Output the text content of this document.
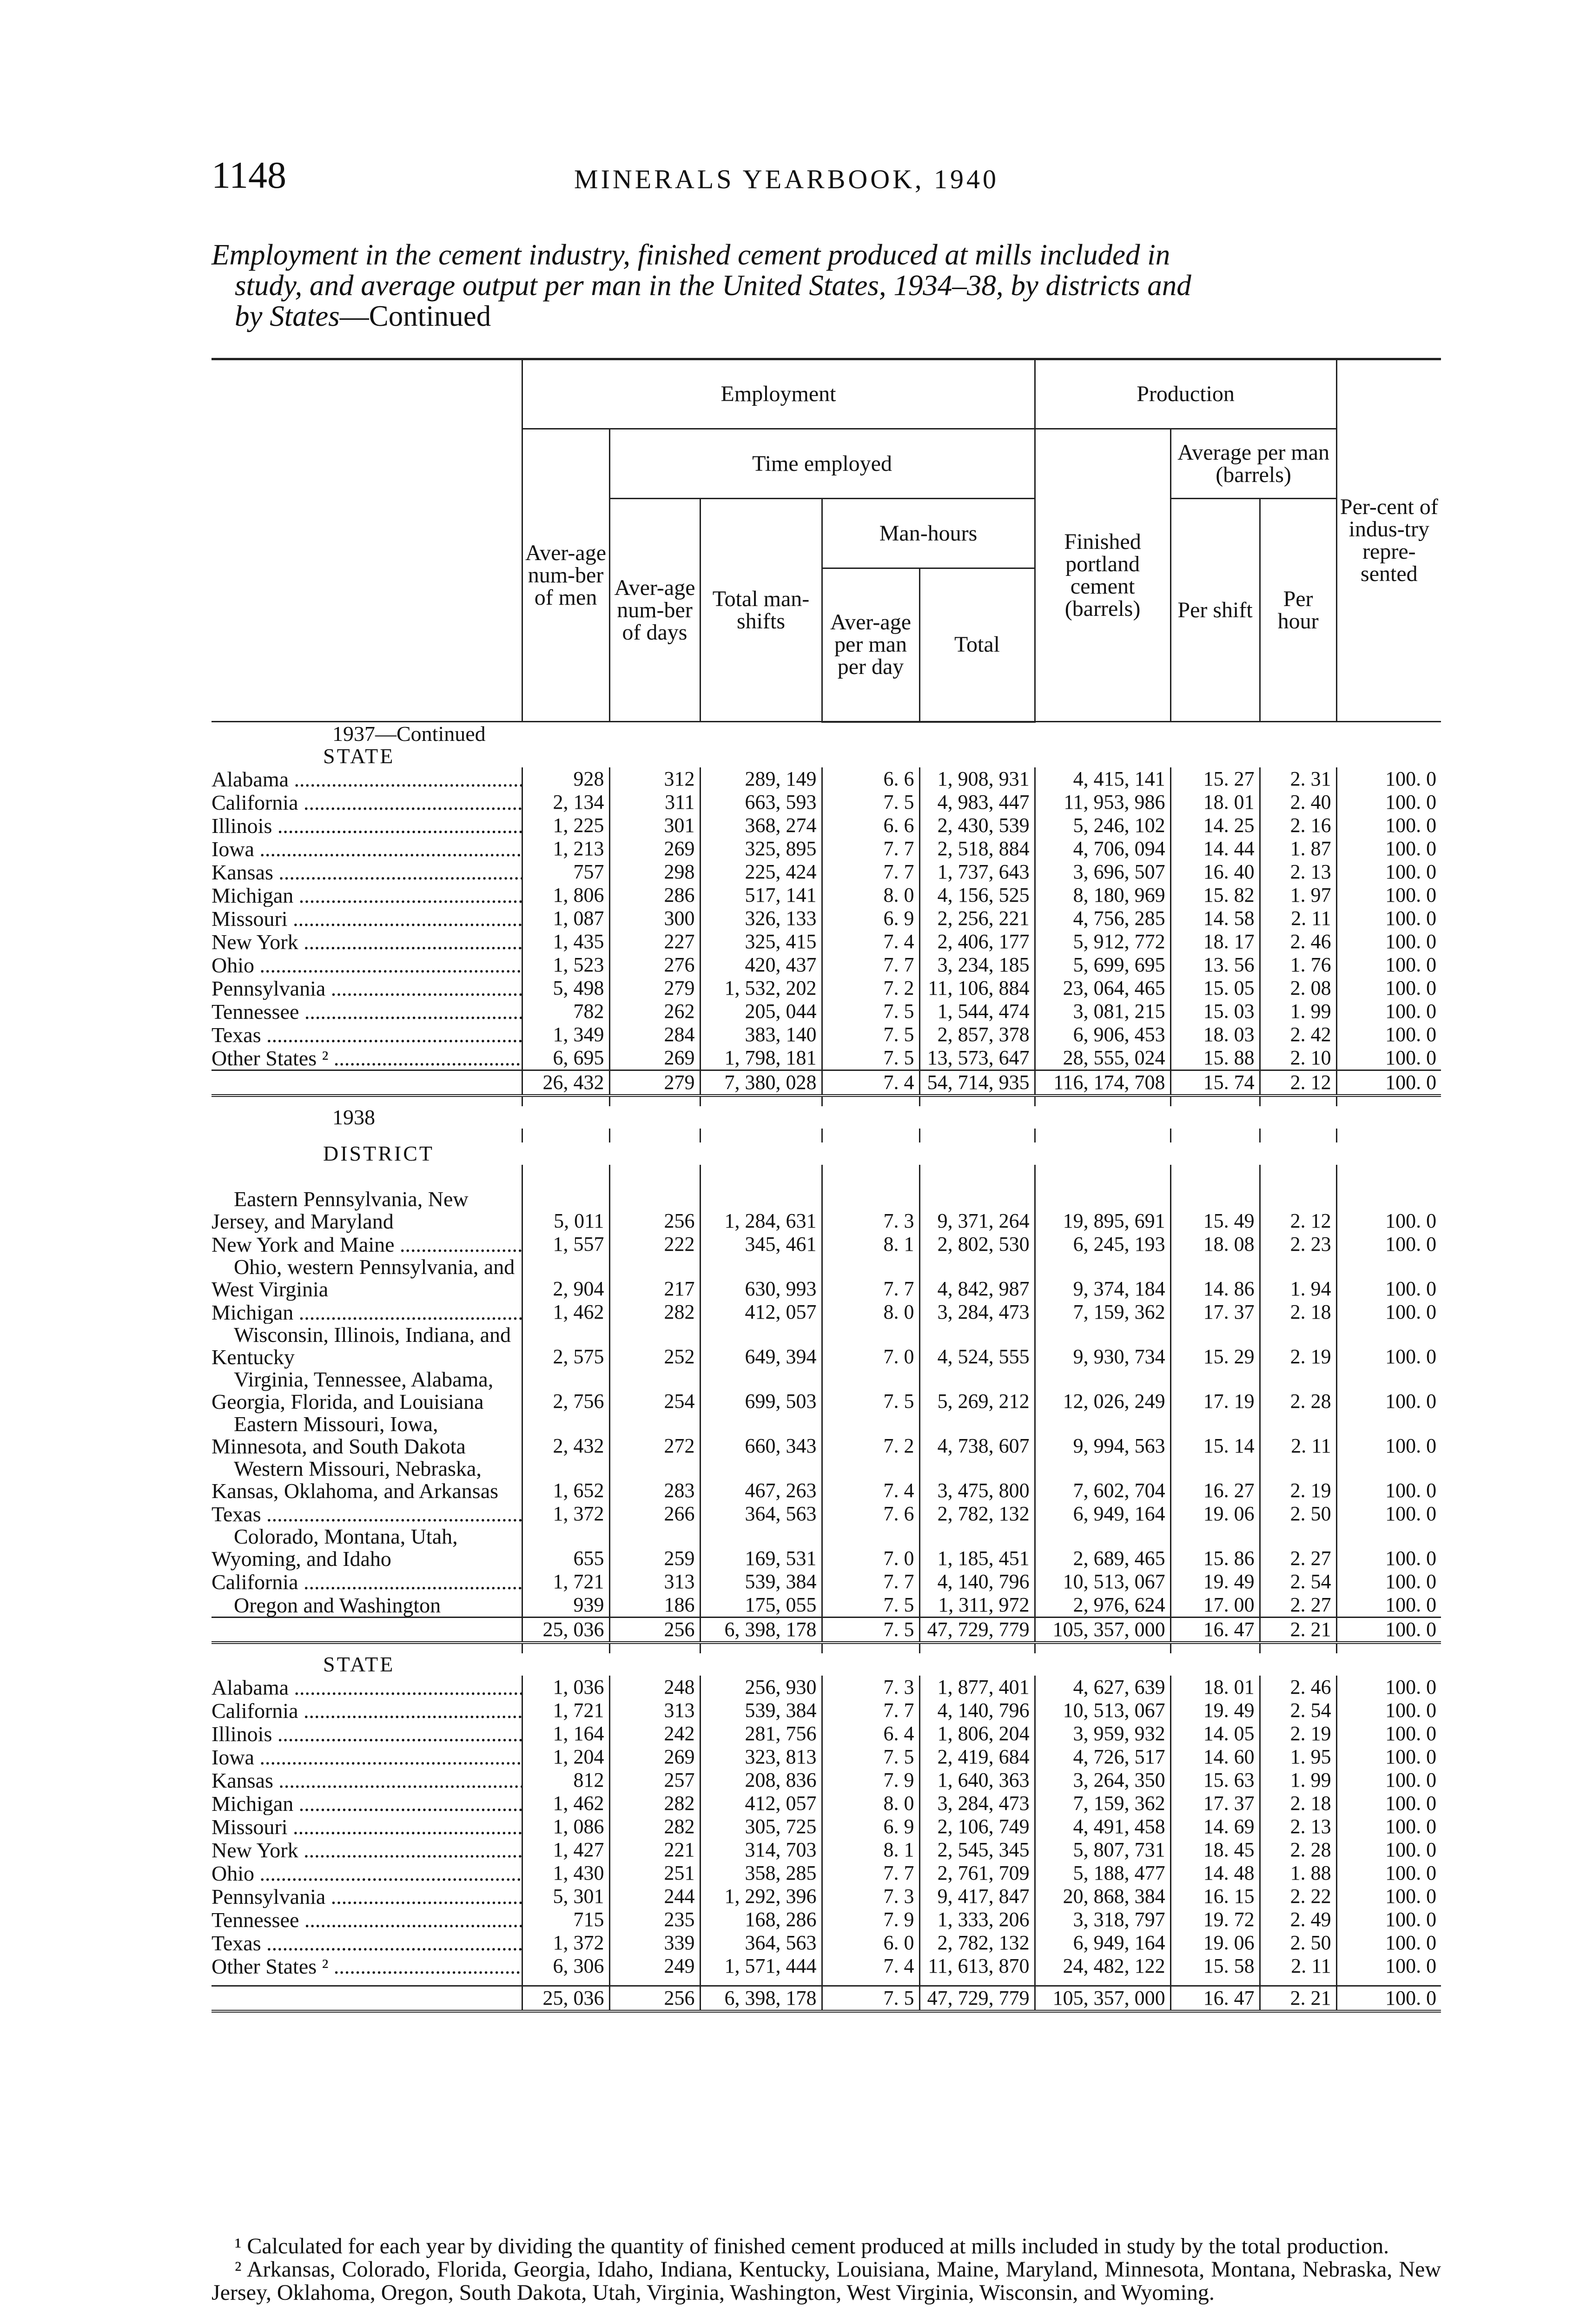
1148	MINERALS YEARBOOK, 1940
Employment in the cement industry, finished cement produced at mills included in
study, and average output per man in the United States, 1934–38, by districts and
by States—Continued
	Employment					Production			Per-cent of indus-try repre-sented
	Aver-age num-ber of men	Time employed				Finished portland cement (barrels)	Average per man (barrels)		
		Aver-age num-ber of days	Total man-shifts	Man-hours			Per shift	Per hour	
				Aver-age per man per day	Total				
1937—Continued									
STATE									

Alabama .....	928	312	289, 149	6. 6	1, 908, 931	4, 415, 141	15. 27	2. 31	100. 0

California .....	2, 134	311	663, 593	7. 5	4, 983, 447	11, 953, 986	18. 01	2. 40	100. 0

Illinois .....	1, 225	301	368, 274	6. 6	2, 430, 539	5, 246, 102	14. 25	2. 16	100. 0

Iowa .....	1, 213	269	325, 895	7. 7	2, 518, 884	4, 706, 094	14. 44	1. 87	100. 0

Kansas .....	757	298	225, 424	7. 7	1, 737, 643	3, 696, 507	16. 40	2. 13	100. 0

Michigan .....	1, 806	286	517, 141	8. 0	4, 156, 525	8, 180, 969	15. 82	1. 97	100. 0

Missouri .....	1, 087	300	326, 133	6. 9	2, 256, 221	4, 756, 285	14. 58	2. 11	100. 0

New York .....	1, 435	227	325, 415	7. 4	2, 406, 177	5, 912, 772	18. 17	2. 46	100. 0

Ohio .....	1, 523	276	420, 437	7. 7	3, 234, 185	5, 699, 695	13. 56	1. 76	100. 0

Pennsylvania .....	5, 498	279	1, 532, 202	7. 2	11, 106, 884	23, 064, 465	15. 05	2. 08	100. 0

Tennessee .....	782	262	205, 044	7. 5	1, 544, 474	3, 081, 215	15. 03	1. 99	100. 0

Texas .....	1, 349	284	383, 140	7. 5	2, 857, 378	6, 906, 453	18. 03	2. 42	100. 0

Other States ² .....	6, 695	269	1, 798, 181	7. 5	13, 573, 647	28, 555, 024	15. 88	2. 10	100. 0
	26, 432	279	7, 380, 028	7. 4	54, 714, 935	116, 174, 708	15. 74	2. 12	100. 0

1938									

DISTRICT									

Eastern Pennsylvania, New Jersey, and Maryland	5, 011	256	1, 284, 631	7. 3	9, 371, 264	19, 895, 691	15. 49	2. 12	100. 0

New York and Maine .....	1, 557	222	345, 461	8. 1	2, 802, 530	6, 245, 193	18. 08	2. 23	100. 0
Ohio, western Pennsylvania, and West Virginia	2, 904	217	630, 993	7. 7	4, 842, 987	9, 374, 184	14. 86	1. 94	100. 0

Michigan .....	1, 462	282	412, 057	8. 0	3, 284, 473	7, 159, 362	17. 37	2. 18	100. 0
Wisconsin, Illinois, Indiana, and Kentucky	2, 575	252	649, 394	7. 0	4, 524, 555	9, 930, 734	15. 29	2. 19	100. 0
Virginia, Tennessee, Alabama, Georgia, Florida, and Louisiana	2, 756	254	699, 503	7. 5	5, 269, 212	12, 026, 249	17. 19	2. 28	100. 0
Eastern Missouri, Iowa, Minnesota, and South Dakota	2, 432	272	660, 343	7. 2	4, 738, 607	9, 994, 563	15. 14	2. 11	100. 0
Western Missouri, Nebraska, Kansas, Oklahoma, and Arkansas	1, 652	283	467, 263	7. 4	3, 475, 800	7, 602, 704	16. 27	2. 19	100. 0

Texas .....	1, 372	266	364, 563	7. 6	2, 782, 132	6, 949, 164	19. 06	2. 50	100. 0
Colorado, Montana, Utah, Wyoming, and Idaho	655	259	169, 531	7. 0	1, 185, 451	2, 689, 465	15. 86	2. 27	100. 0

California .....	1, 721	313	539, 384	7. 7	4, 140, 796	10, 513, 067	19. 49	2. 54	100. 0
Oregon and Washington	939	186	175, 055	7. 5	1, 311, 972	2, 976, 624	17. 00	2. 27	100. 0
	25, 036	256	6, 398, 178	7. 5	47, 729, 779	105, 357, 000	16. 47	2. 21	100. 0

STATE									

Alabama .....	1, 036	248	256, 930	7. 3	1, 877, 401	4, 627, 639	18. 01	2. 46	100. 0

California .....	1, 721	313	539, 384	7. 7	4, 140, 796	10, 513, 067	19. 49	2. 54	100. 0

Illinois .....	1, 164	242	281, 756	6. 4	1, 806, 204	3, 959, 932	14. 05	2. 19	100. 0

Iowa .....	1, 204	269	323, 813	7. 5	2, 419, 684	4, 726, 517	14. 60	1. 95	100. 0

Kansas .....	812	257	208, 836	7. 9	1, 640, 363	3, 264, 350	15. 63	1. 99	100. 0

Michigan .....	1, 462	282	412, 057	8. 0	3, 284, 473	7, 159, 362	17. 37	2. 18	100. 0

Missouri .....	1, 086	282	305, 725	6. 9	2, 106, 749	4, 491, 458	14. 69	2. 13	100. 0

New York .....	1, 427	221	314, 703	8. 1	2, 545, 345	5, 807, 731	18. 45	2. 28	100. 0

Ohio .....	1, 430	251	358, 285	7. 7	2, 761, 709	5, 188, 477	14. 48	1. 88	100. 0

Pennsylvania .....	5, 301	244	1, 292, 396	7. 3	9, 417, 847	20, 868, 384	16. 15	2. 22	100. 0

Tennessee .....	715	235	168, 286	7. 9	1, 333, 206	3, 318, 797	19. 72	2. 49	100. 0

Texas .....	1, 372	339	364, 563	6. 0	2, 782, 132	6, 949, 164	19. 06	2. 50	100. 0

Other States ² .....	6, 306	249	1, 571, 444	7. 4	11, 613, 870	24, 482, 122	15. 58	2. 11	100. 0

	25, 036	256	6, 398, 178	7. 5	47, 729, 779	105, 357, 000	16. 47	2. 21	100. 0

¹ Calculated for each year by dividing the quantity of finished cement produced at mills included in study by the total production.

² Arkansas, Colorado, Florida, Georgia, Idaho, Indiana, Kentucky, Louisiana, Maine, Maryland, Minnesota, Montana, Nebraska, New Jersey, Oklahoma, Oregon, South Dakota, Utah, Virginia, Washington, West Virginia, Wisconsin, and Wyoming.
